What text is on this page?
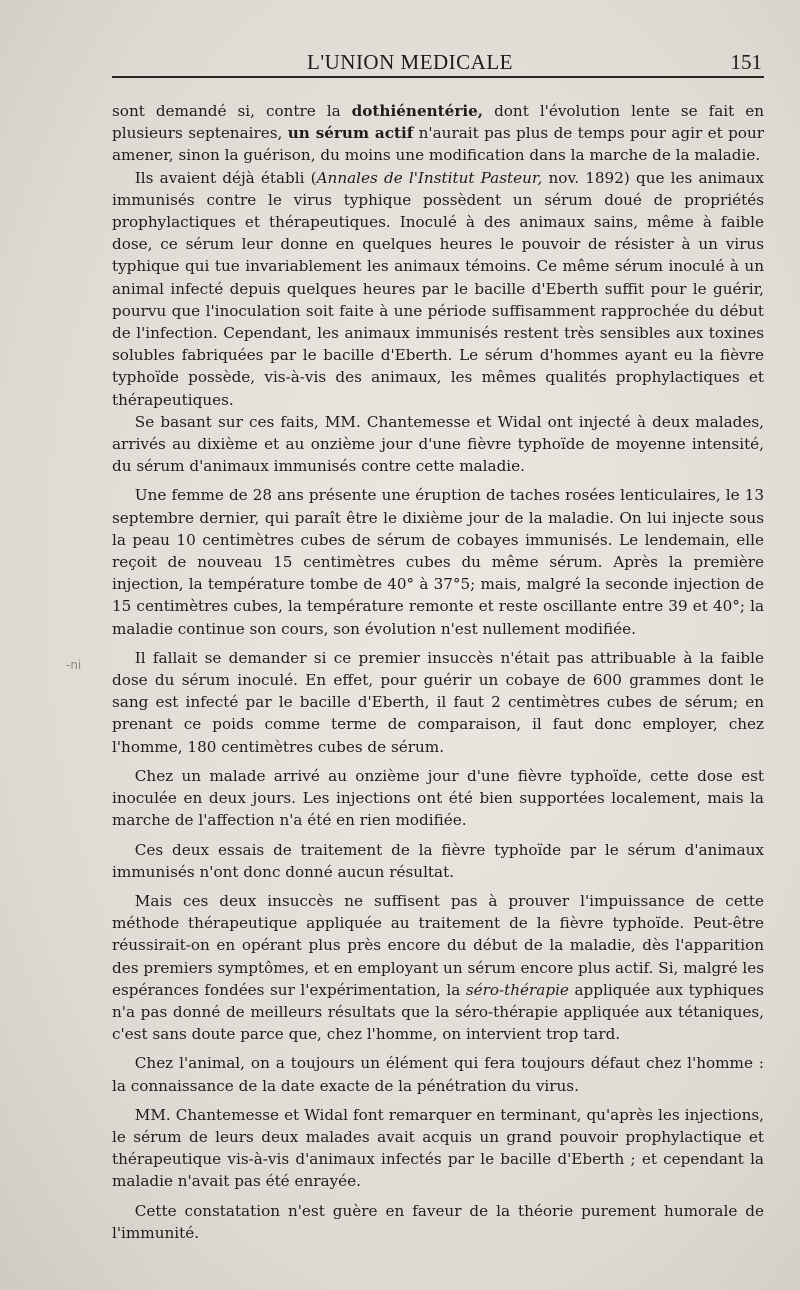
L'UNION MEDICALE	151
-ni

sont demandé si, contre la dothiénentérie, dont l'évolution lente se fait en plusieurs septenaires, un sérum actif n'aurait pas plus de temps pour agir et pour amener, sinon la guérison, du moins une modification dans la marche de la maladie.

Ils avaient déjà établi (Annales de l'Institut Pasteur, nov. 1892) que les animaux immunisés contre le virus typhique possèdent un sérum doué de propriétés prophylactiques et thérapeutiques. Inoculé à des animaux sains, même à faible dose, ce sérum leur donne en quelques heures le pouvoir de résister à un virus typhique qui tue invariablement les animaux témoins. Ce même sérum inoculé à un animal infecté depuis quelques heures par le bacille d'Eberth suffit pour le guérir, pourvu que l'inoculation soit faite à une période suffisamment rapprochée du début de l'infection. Cependant, les animaux immunisés restent très sensibles aux toxines solubles fabriquées par le bacille d'Eberth. Le sérum d'hommes ayant eu la fièvre typhoïde possède, vis-à-vis des animaux, les mêmes qualités prophylactiques et thérapeutiques.

Se basant sur ces faits, MM. Chantemesse et Widal ont injecté à deux malades, arrivés au dixième et au onzième jour d'une fièvre typhoïde de moyenne intensité, du sérum d'animaux immunisés contre cette maladie.

Une femme de 28 ans présente une éruption de taches rosées lenticulaires, le 13 septembre dernier, qui paraît être le dixième jour de la maladie. On lui injecte sous la peau 10 centimètres cubes de sérum de cobayes immunisés. Le lendemain, elle reçoit de nouveau 15 centimètres cubes du même sérum. Après la première injection, la température tombe de 40° à 37°5; mais, malgré la seconde injection de 15 centimètres cubes, la température remonte et reste oscillante entre 39 et 40°; la maladie continue son cours, son évolution n'est nullement modifiée.

Il fallait se demander si ce premier insuccès n'était pas attribuable à la faible dose du sérum inoculé. En effet, pour guérir un cobaye de 600 grammes dont le sang est infecté par le bacille d'Eberth, il faut 2 centimètres cubes de sérum; en prenant ce poids comme terme de comparaison, il faut donc employer, chez l'homme, 180 centimètres cubes de sérum.

Chez un malade arrivé au onzième jour d'une fièvre typhoïde, cette dose est inoculée en deux jours. Les injections ont été bien supportées localement, mais la marche de l'affection n'a été en rien modifiée.

Ces deux essais de traitement de la fièvre typhoïde par le sérum d'animaux immunisés n'ont donc donné aucun résultat.

Mais ces deux insuccès ne suffisent pas à prouver l'impuissance de cette méthode thérapeutique appliquée au traitement de la fièvre typhoïde. Peut-être réussirait-on en opérant plus près encore du début de la maladie, dès l'apparition des premiers symptômes, et en employant un sérum encore plus actif. Si, malgré les espérances fondées sur l'expérimentation, la séro-thérapie appliquée aux typhiques n'a pas donné de meilleurs résultats que la séro-thérapie appliquée aux tétaniques, c'est sans doute parce que, chez l'homme, on intervient trop tard.

Chez l'animal, on a toujours un élément qui fera toujours défaut chez l'homme : la connaissance de la date exacte de la pénétration du virus.

MM. Chantemesse et Widal font remarquer en terminant, qu'après les injections, le sérum de leurs deux malades avait acquis un grand pouvoir prophylactique et thérapeutique vis-à-vis d'animaux infectés par le bacille d'Eberth ; et cependant la maladie n'avait pas été enrayée.

Cette constatation n'est guère en faveur de la théorie purement humorale de l'immunité.
